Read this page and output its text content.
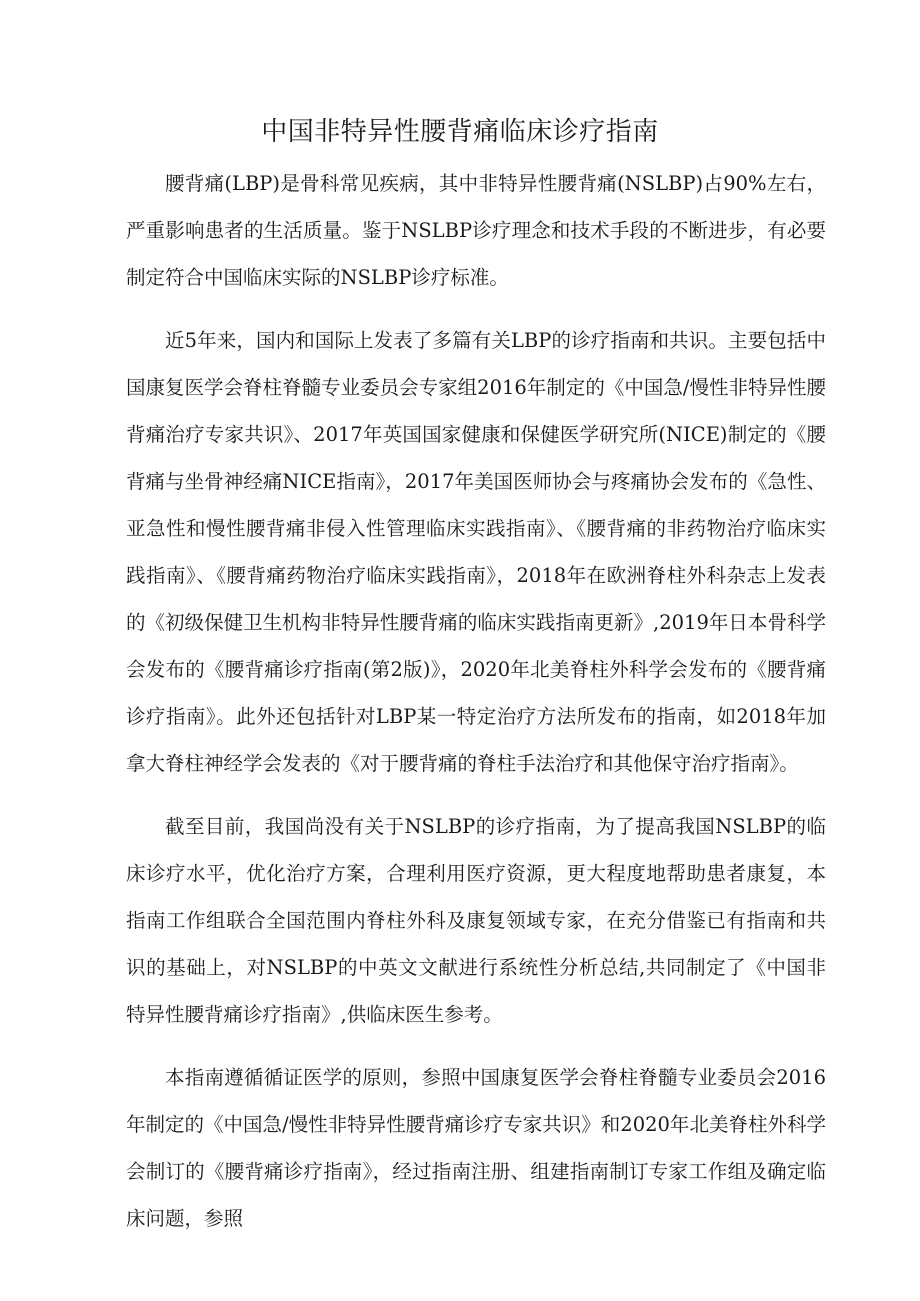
中国非特异性腰背痛临床诊疗指南

腰背痛(LBP)是骨科常见疾病，其中非特异性腰背痛(NSLBP)占90%左右，严重影响患者的生活质量。鉴于NSLBP诊疗理念和技术手段的不断进步，有必要制定符合中国临床实际的NSLBP诊疗标准。

近5年来，国内和国际上发表了多篇有关LBP的诊疗指南和共识。主要包括中国康复医学会脊柱脊髓专业委员会专家组2016年制定的《中国急/慢性非特异性腰背痛治疗专家共识》、2017年英国国家健康和保健医学研究所(NICE)制定的《腰背痛与坐骨神经痛NICE指南》，2017年美国医师协会与疼痛协会发布的《急性、亚急性和慢性腰背痛非侵入性管理临床实践指南》、《腰背痛的非药物治疗临床实践指南》、《腰背痛药物治疗临床实践指南》，2018年在欧洲脊柱外科杂志上发表的《初级保健卫生机构非特异性腰背痛的临床实践指南更新》,2019年日本骨科学会发布的《腰背痛诊疗指南(第2版)》，2020年北美脊柱外科学会发布的《腰背痛诊疗指南》。此外还包括针对LBP某一特定治疗方法所发布的指南，如2018年加拿大脊柱神经学会发表的《对于腰背痛的脊柱手法治疗和其他保守治疗指南》。

截至目前，我国尚没有关于NSLBP的诊疗指南，为了提高我国NSLBP的临床诊疗水平，优化治疗方案，合理利用医疗资源，更大程度地帮助患者康复，本指南工作组联合全国范围内脊柱外科及康复领域专家，在充分借鉴已有指南和共识的基础上，对NSLBP的中英文文献进行系统性分析总结,共同制定了《中国非特异性腰背痛诊疗指南》,供临床医生参考。

本指南遵循循证医学的原则，参照中国康复医学会脊柱脊髓专业委员会2016年制定的《中国急/慢性非特异性腰背痛诊疗专家共识》和2020年北美脊柱外科学会制订的《腰背痛诊疗指南》，经过指南注册、组建指南制订专家工作组及确定临床问题，参照
